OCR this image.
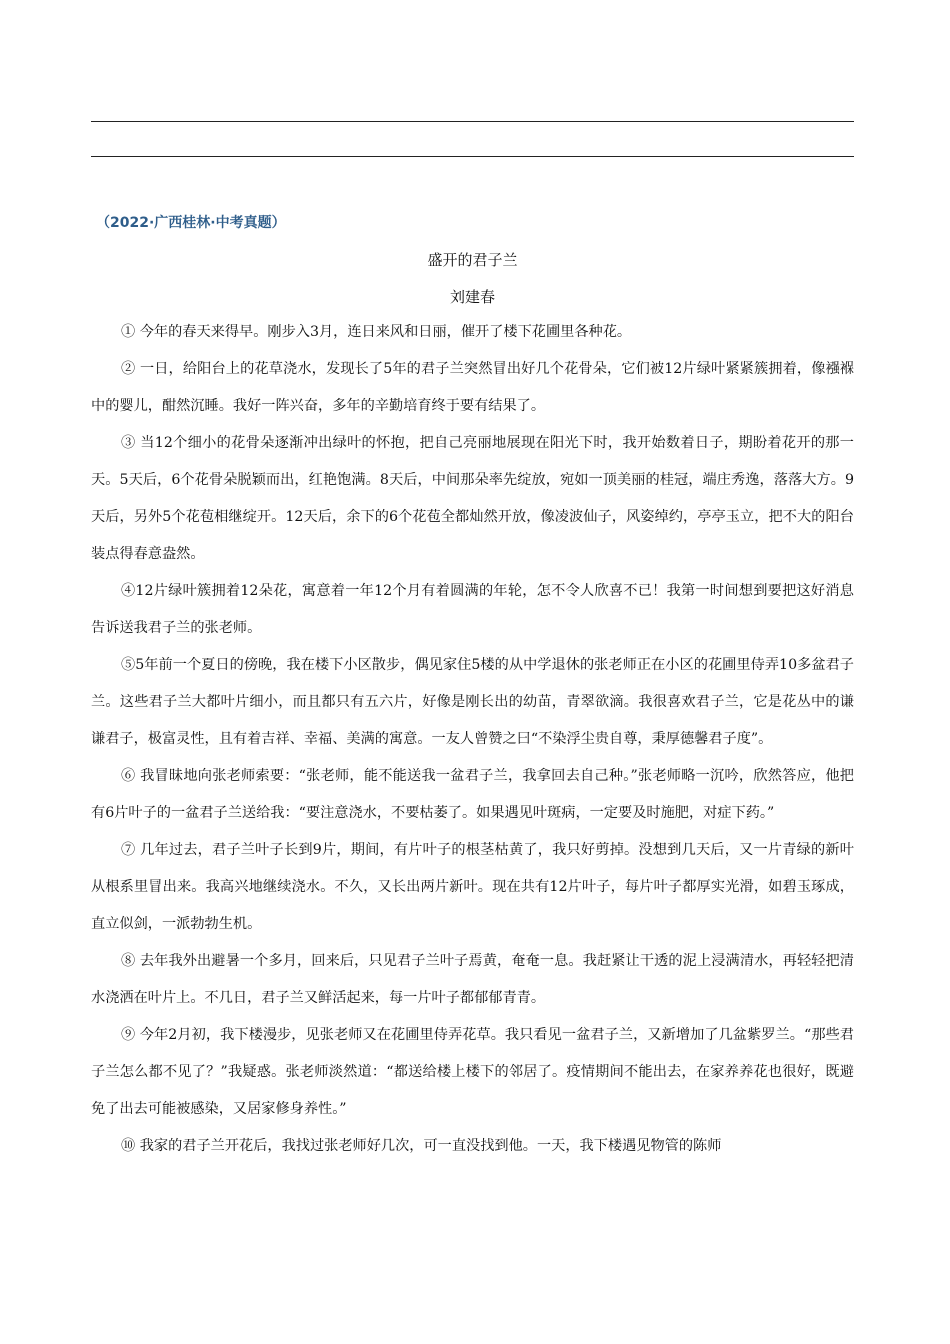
（2022·广西桂林·中考真题）
盛开的君子兰
刘建春

① 今年的春天来得早。刚步入3月，连日来风和日丽，催开了楼下花圃里各种花。

② 一日，给阳台上的花草浇水，发现长了5年的君子兰突然冒出好几个花骨朵，它们被12片绿叶紧紧簇拥着，像襁褓中的婴儿，酣然沉睡。我好一阵兴奋，多年的辛勤培育终于要有结果了。

③ 当12个细小的花骨朵逐渐冲出绿叶的怀抱，把自己亮丽地展现在阳光下时，我开始数着日子，期盼着花开的那一天。5天后，6个花骨朵脱颖而出，红艳饱满。8天后，中间那朵率先绽放，宛如一顶美丽的桂冠，端庄秀逸，落落大方。9天后，另外5个花苞相继绽开。12天后，余下的6个花苞全都灿然开放，像凌波仙子，风姿绰约，亭亭玉立，把不大的阳台装点得春意盎然。

④12片绿叶簇拥着12朵花，寓意着一年12个月有着圆满的年轮，怎不令人欣喜不已！我第一时间想到要把这好消息告诉送我君子兰的张老师。

⑤5年前一个夏日的傍晚，我在楼下小区散步，偶见家住5楼的从中学退休的张老师正在小区的花圃里侍弄10多盆君子兰。这些君子兰大都叶片细小，而且都只有五六片，好像是刚长出的幼苗，青翠欲滴。我很喜欢君子兰，它是花丛中的谦谦君子，极富灵性，且有着吉祥、幸福、美满的寓意。一友人曾赞之曰“不染浮尘贵自尊，秉厚德馨君子度”。

⑥ 我冒昧地向张老师索要：“张老师，能不能送我一盆君子兰，我拿回去自己种。”张老师略一沉吟，欣然答应，他把有6片叶子的一盆君子兰送给我：“要注意浇水，不要枯萎了。如果遇见叶斑病，一定要及时施肥，对症下药。”

⑦ 几年过去，君子兰叶子长到9片，期间，有片叶子的根茎枯黄了，我只好剪掉。没想到几天后，又一片青绿的新叶从根系里冒出来。我高兴地继续浇水。不久，又长出两片新叶。现在共有12片叶子，每片叶子都厚实光滑，如碧玉琢成，直立似剑，一派勃勃生机。

⑧ 去年我外出避暑一个多月，回来后，只见君子兰叶子焉黄，奄奄一息。我赶紧让干透的泥上浸满清水，再轻轻把清水浇洒在叶片上。不几日，君子兰又鲜活起来，每一片叶子都郁郁青青。

⑨ 今年2月初，我下楼漫步，见张老师又在花圃里侍弄花草。我只看见一盆君子兰，又新增加了几盆紫罗兰。“那些君子兰怎么都不见了？”我疑惑。张老师淡然道：“都送给楼上楼下的邻居了。疫情期间不能出去，在家养养花也很好，既避免了出去可能被感染，又居家修身养性。”

⑩ 我家的君子兰开花后，我找过张老师好几次，可一直没找到他。一天，我下楼遇见物管的陈师
